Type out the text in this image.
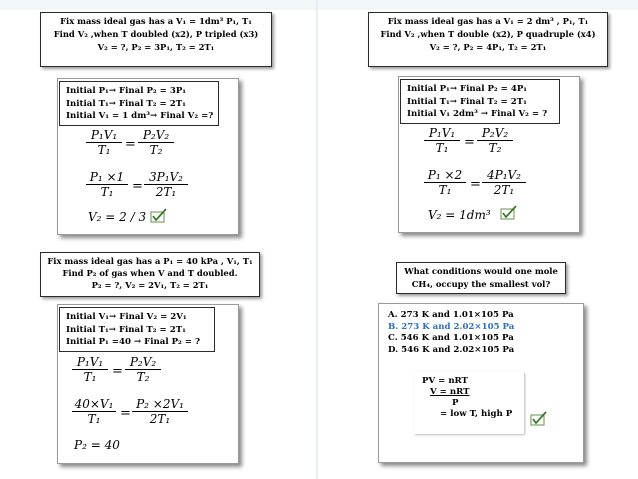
Fix mass ideal gas has a V₁ = 1dm³ P₁, T₁
Find V₂ ,when T doubled (x2), P tripled (x3)
V₂ = ?, P₂ = 3P₁, T₂ = 2T₁
Initial P₁→ Final P₂ = 3P₁
Initial T₁→ Final T₂ = 2T₁
Initial V₁ = 1 dm³→ Final V₂ =?
P₁V₁
T₁	=
P₂V₂
T₂
P₁ ×1
T₁	=
3P₁V₂
2T₁
V₂ = 2 / 3
Fix mass ideal gas has a V₁ = 2 dm³ , P₁, T₁
Find V₂ ,when T double (x2), P quadruple (x4)
V₂ = ?, P₂ = 4P₁, T₂ = 2T₁
Initial P₁→ Final P₂ = 4P₁
Initial T₁→ Final T₂ = 2T₁
Initial V₁ 2dm³ → Final V₂ = ?
P₁V₁
T₁	=
P₂V₂
T₂
P₁ ×2
T₁	=
4P₁V₂
2T₁
V₂ = 1dm³
Fix mass ideal gas has a P₁ = 40 kPa , V₁, T₁
Find P₂ of gas when V and T doubled.
P₂ = ?, V₂ = 2V₁, T₂ = 2T₁
Initial V₁→ Final V₂ = 2V₁
Initial T₁→ Final T₂ = 2T₁
Initial P₁ =40 → Final P₂ = ?
P₁V₁
T₁	=
P₂V₂
T₂
40×V₁
T₁	=
P₂ ×2V₁
2T₁
P₂ = 40
What conditions would one mole
CH₄, occupy the smallest vol?
A. 273 K and 1.01×105 Pa
B. 273 K and 2.02×105 Pa
C. 546 K and 1.01×105 Pa
D. 546 K and 2.02×105 Pa
PV = nRT
V = nRT
P
= low T, high P
